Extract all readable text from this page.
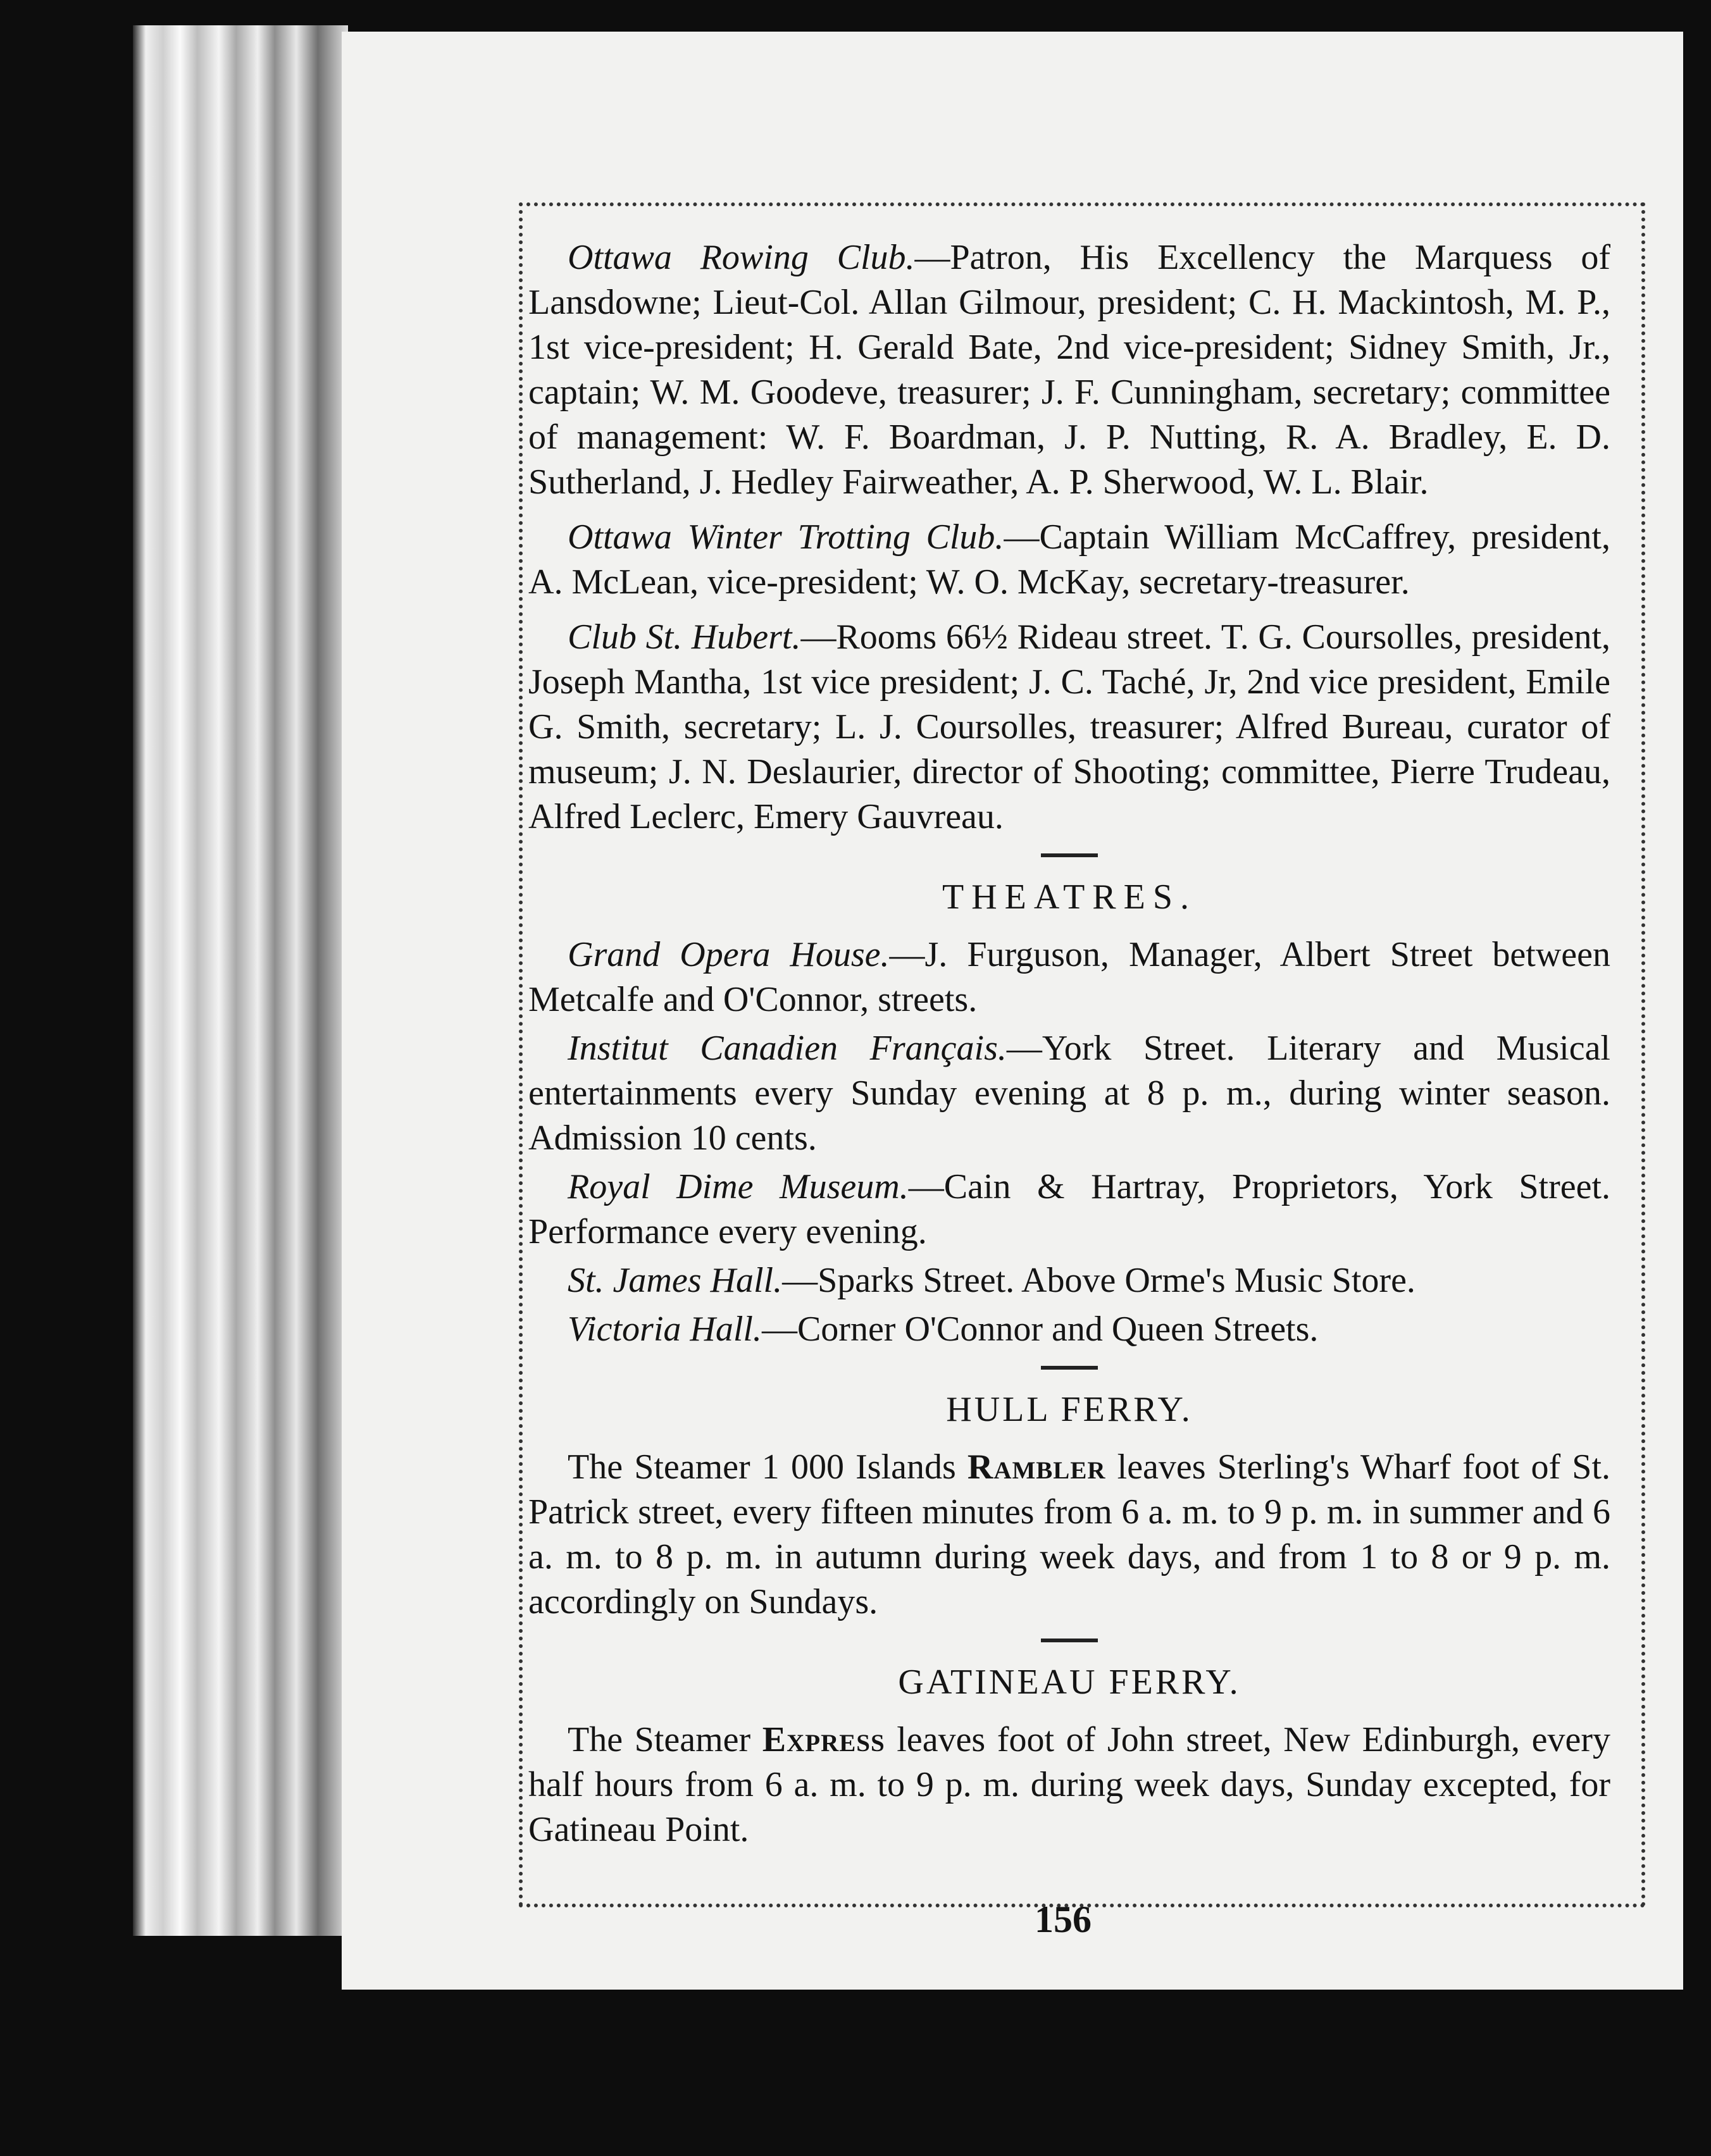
Ottawa Rowing Club.—Patron, His Excellency the Marquess of Lansdowne; Lieut-Col. Allan Gilmour, president; C. H. Mackintosh, M. P., 1st vice-president; H. Gerald Bate, 2nd vice-president; Sidney Smith, Jr., captain; W. M. Goodeve, treasurer; J. F. Cunningham, secretary; committee of management: W. F. Boardman, J. P. Nutting, R. A. Bradley, E. D. Sutherland, J. Hedley Fairweather, A. P. Sherwood, W. L. Blair.

Ottawa Winter Trotting Club.—Captain William McCaffrey, president, A. McLean, vice-president; W. O. McKay, secretary-treasurer.

Club St. Hubert.—Rooms 66½ Rideau street. T. G. Coursolles, president, Joseph Mantha, 1st vice president; J. C. Taché, Jr, 2nd vice president, Emile G. Smith, secretary; L. J. Coursolles, treasurer; Alfred Bureau, curator of museum; J. N. Deslaurier, director of Shooting; committee, Pierre Trudeau, Alfred Leclerc, Emery Gauvreau.

THEATRES.

Grand Opera House.—J. Furguson, Manager, Albert Street between Metcalfe and O'Connor, streets.

Institut Canadien Français.—York Street. Literary and Musical entertainments every Sunday evening at 8 p. m., during winter season. Admission 10 cents.

Royal Dime Museum.—Cain & Hartray, Proprietors, York Street. Performance every evening.

St. James Hall.—Sparks Street. Above Orme's Music Store.

Victoria Hall.—Corner O'Connor and Queen Streets.

HULL FERRY.

The Steamer 1 000 Islands Rambler leaves Sterling's Wharf foot of St. Patrick street, every fifteen minutes from 6 a. m. to 9 p. m. in summer and 6 a. m. to 8 p. m. in autumn during week days, and from 1 to 8 or 9 p. m. accordingly on Sundays.

GATINEAU FERRY.

The Steamer Express leaves foot of John street, New Edinburgh, every half hours from 6 a. m. to 9 p. m. during week days, Sunday excepted, for Gatineau Point.

156
